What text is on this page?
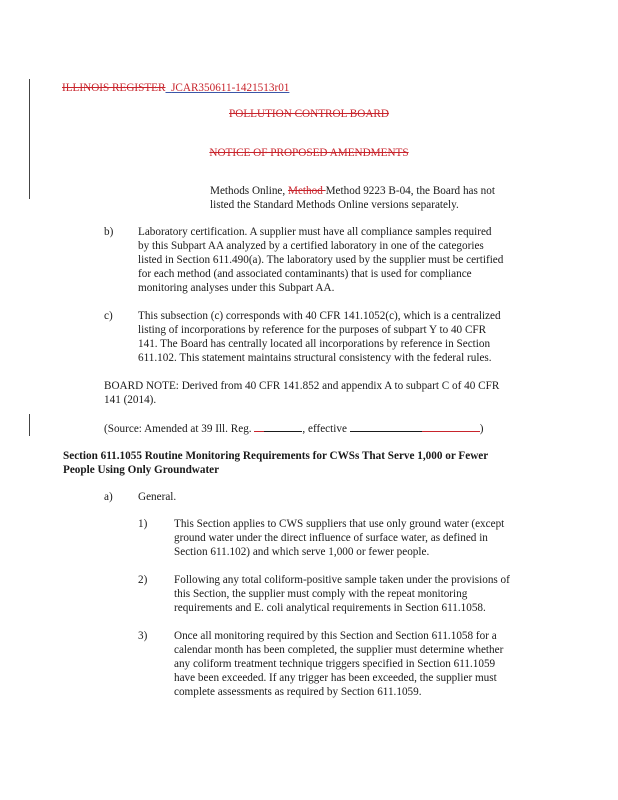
ILLINOIS REGISTER JCAR350611-1421513r01
POLLUTION CONTROL BOARD
NOTICE OF PROPOSED AMENDMENTS
Methods Online, Method Method 9223 B-04, the Board has not
listed the Standard Methods Online versions separately.
b) Laboratory certification. A supplier must have all compliance samples required
by this Subpart AA analyzed by a certified laboratory in one of the categories
listed in Section 611.490(a). The laboratory used by the supplier must be certified
for each method (and associated contaminants) that is used for compliance
monitoring analyses under this Subpart AA.
c) This subsection (c) corresponds with 40 CFR 141.1052(c), which is a centralized
listing of incorporations by reference for the purposes of subpart Y to 40 CFR
141. The Board has centrally located all incorporations by reference in Section
611.102. This statement maintains structural consistency with the federal rules.
BOARD NOTE: Derived from 40 CFR 141.852 and appendix A to subpart C of 40 CFR
141 (2014).
(Source: Amended at 39 Ill. Reg.	, effective	)
Section 611.1055 Routine Monitoring Requirements for CWSs That Serve 1,000 or Fewer
People Using Only Groundwater
a) General.
1) This Section applies to CWS suppliers that use only ground water (except
ground water under the direct influence of surface water, as defined in
Section 611.102) and which serve 1,000 or fewer people.
2) Following any total coliform-positive sample taken under the provisions of
this Section, the supplier must comply with the repeat monitoring
requirements and E. coli analytical requirements in Section 611.1058.
3) Once all monitoring required by this Section and Section 611.1058 for a
calendar month has been completed, the supplier must determine whether
any coliform treatment technique triggers specified in Section 611.1059
have been exceeded. If any trigger has been exceeded, the supplier must
complete assessments as required by Section 611.1059.
